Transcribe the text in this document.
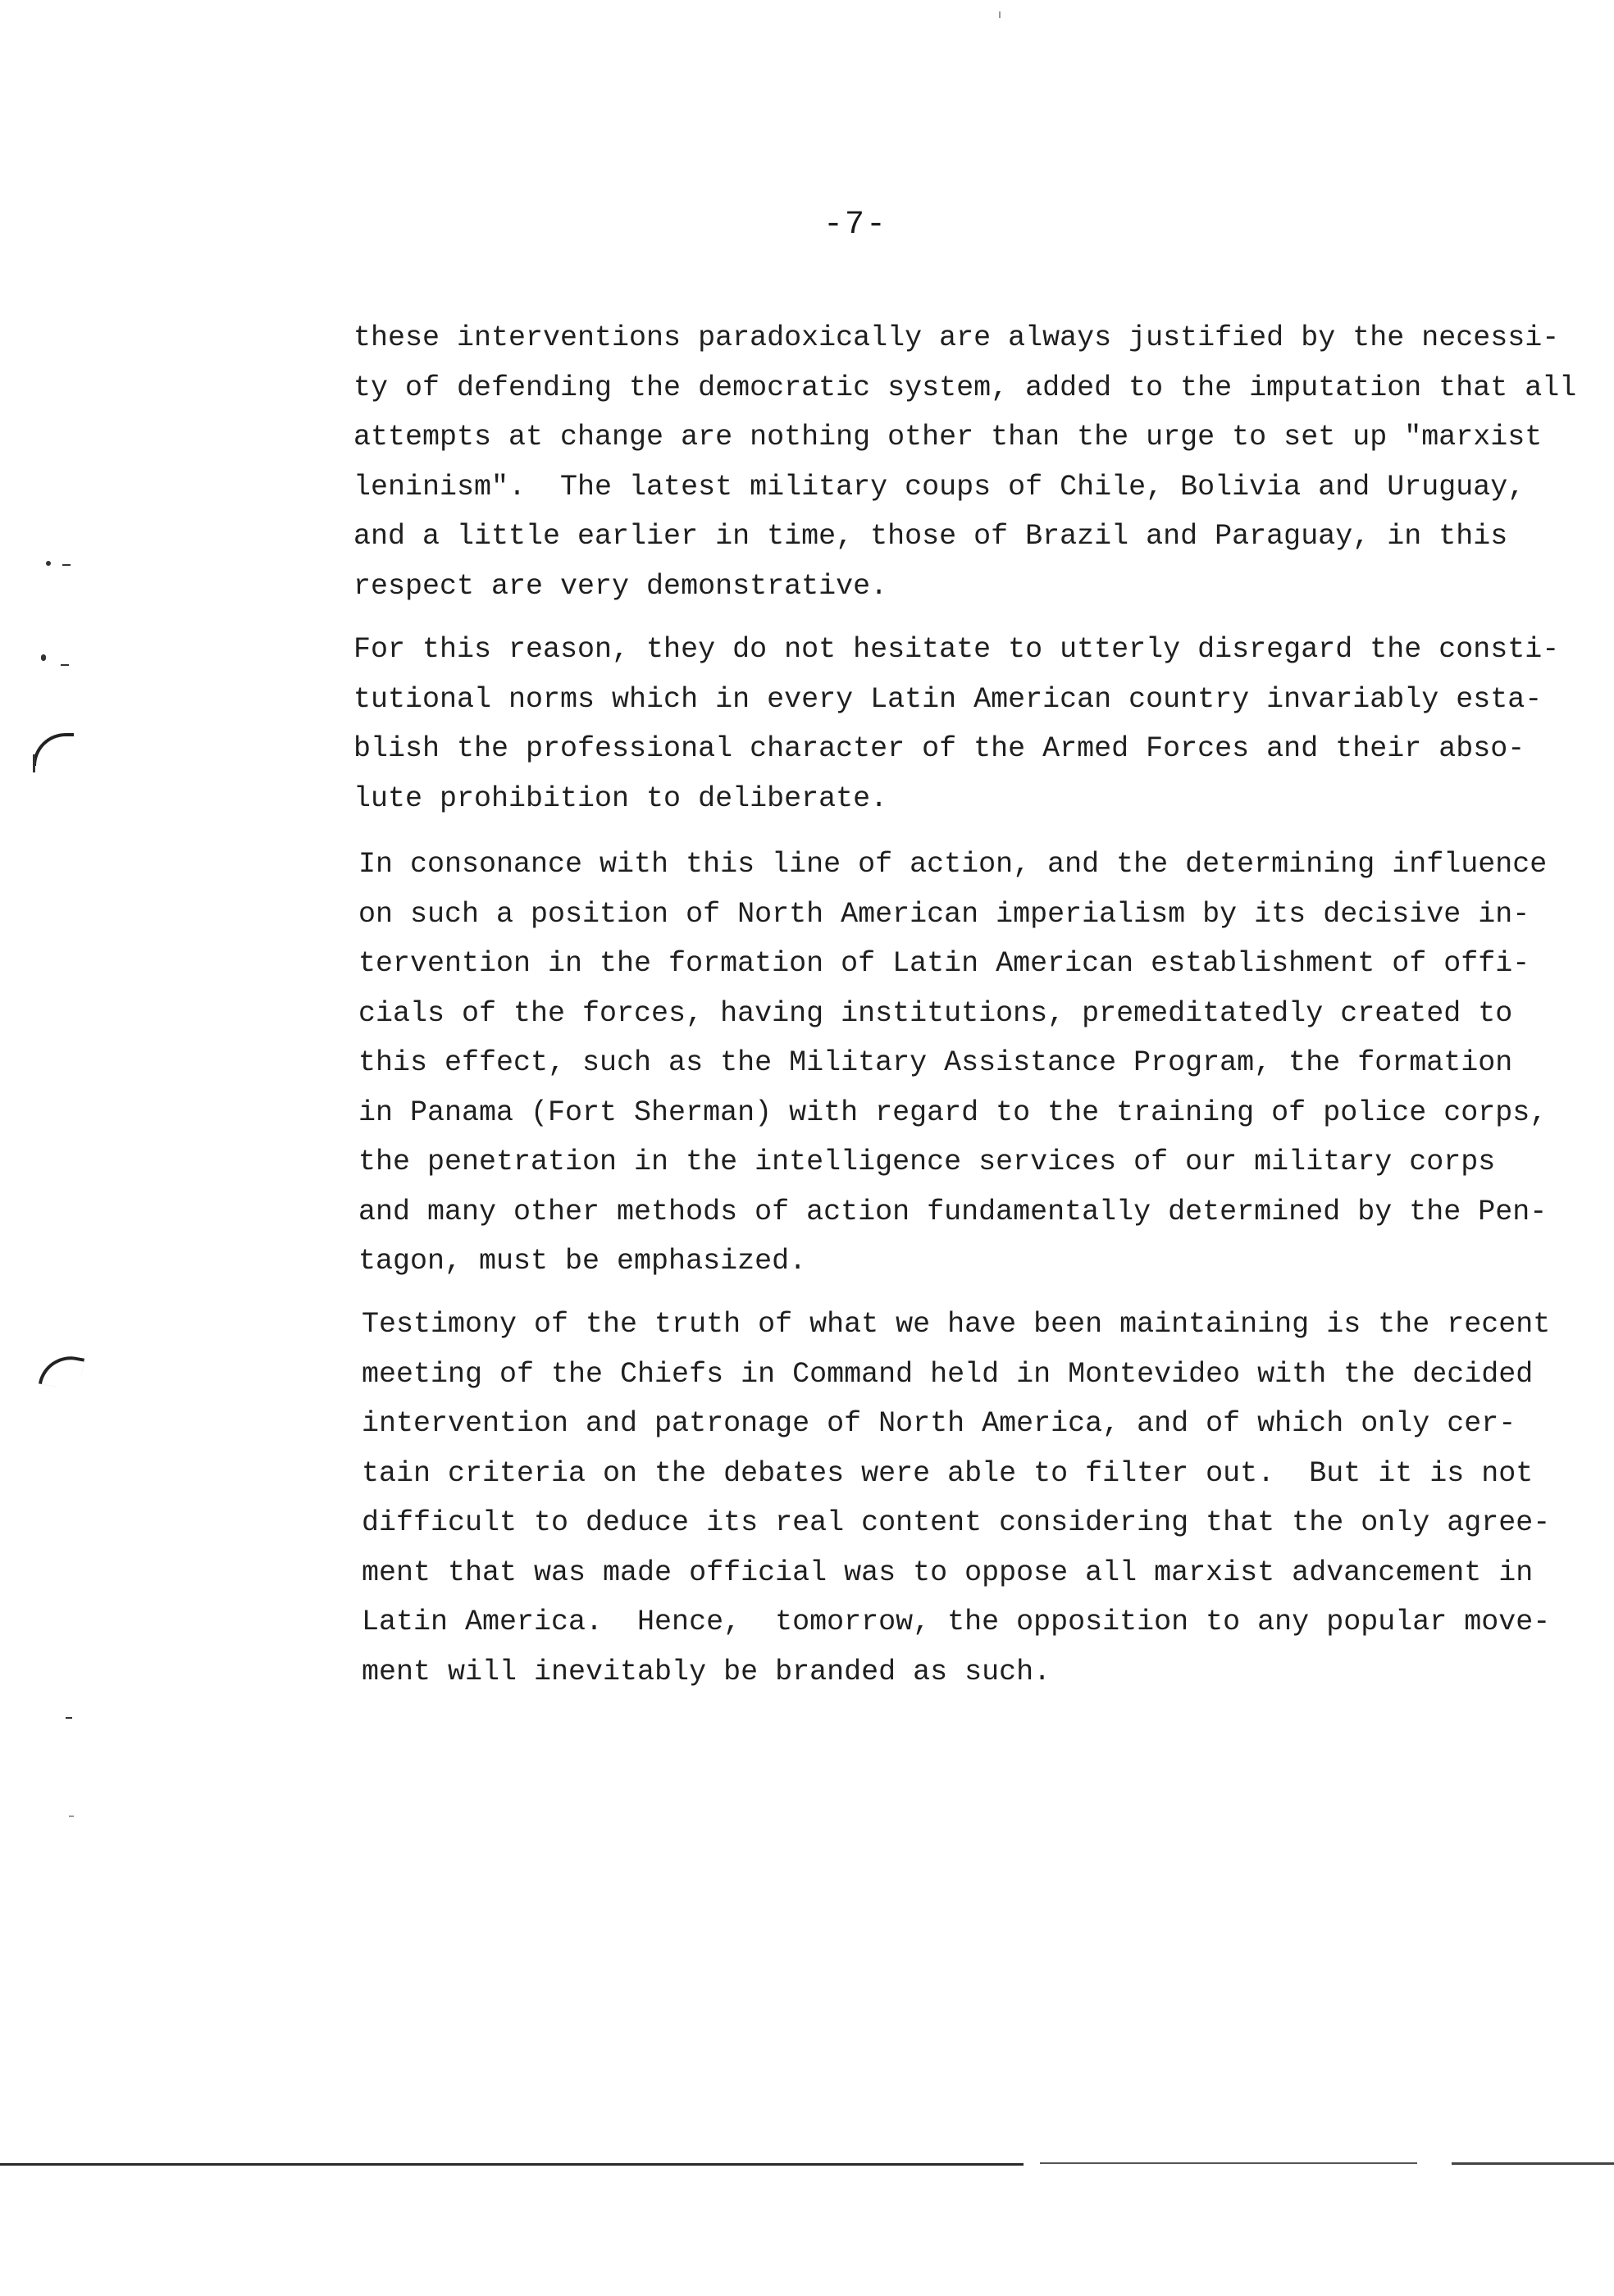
-7-

these interventions paradoxically are always justified by the necessi-
ty of defending the democratic system, added to the imputation that all
attempts at change are nothing other than the urge to set up "marxist
leninism".  The latest military coups of Chile, Bolivia and Uruguay,
and a little earlier in time, those of Brazil and Paraguay, in this
respect are very demonstrative.

For this reason, they do not hesitate to utterly disregard the consti-
tutional norms which in every Latin American country invariably esta-
blish the professional character of the Armed Forces and their abso-
lute prohibition to deliberate.

In consonance with this line of action, and the determining influence
on such a position of North American imperialism by its decisive in-
tervention in the formation of Latin American establishment of offi-
cials of the forces, having institutions, premeditatedly created to
this effect, such as the Military Assistance Program, the formation
in Panama (Fort Sherman) with regard to the training of police corps,
the penetration in the intelligence services of our military corps
and many other methods of action fundamentally determined by the Pen-
tagon, must be emphasized.

Testimony of the truth of what we have been maintaining is the recent
meeting of the Chiefs in Command held in Montevideo with the decided
intervention and patronage of North America, and of which only cer-
tain criteria on the debates were able to filter out.  But it is not
difficult to deduce its real content considering that the only agree-
ment that was made official was to oppose all marxist advancement in
Latin America.  Hence,  tomorrow, the opposition to any popular move-
ment will inevitably be branded as such.
